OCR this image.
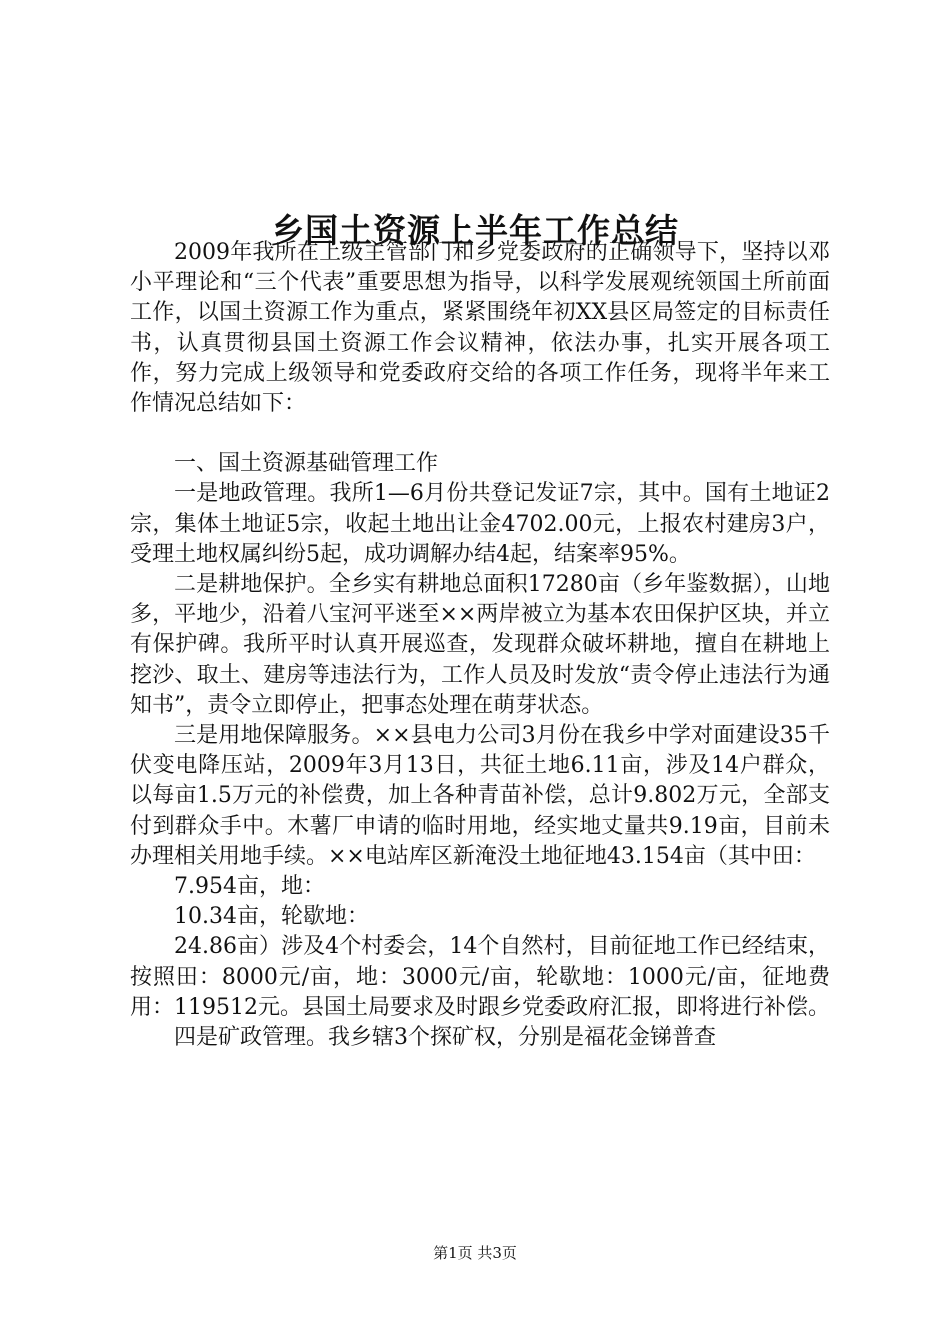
乡国土资源上半年工作总结

2009年我所在上级主管部门和乡党委政府的正确领导下，坚持以邓小平理论和“三个代表”重要思想为指导，以科学发展观统领国土所前面工作，以国土资源工作为重点，紧紧围绕年初XX县区局签定的目标责任书，认真贯彻县国土资源工作会议精神，依法办事，扎实开展各项工作，努力完成上级领导和党委政府交给的各项工作任务，现将半年来工作情况总结如下：

一、国土资源基础管理工作

一是地政管理。我所1—6月份共登记发证7宗，其中。国有土地证2宗，集体土地证5宗，收起土地出让金4702.00元，上报农村建房3户，受理土地权属纠纷5起，成功调解办结4起，结案率95%。

二是耕地保护。全乡实有耕地总面积17280亩（乡年鉴数据），山地多，平地少，沿着八宝河平迷至××两岸被立为基本农田保护区块，并立有保护碑。我所平时认真开展巡查，发现群众破坏耕地，擅自在耕地上挖沙、取土、建房等违法行为，工作人员及时发放“责令停止违法行为通知书”，责令立即停止，把事态处理在萌芽状态。

三是用地保障服务。××县电力公司3月份在我乡中学对面建设35千伏变电降压站，2009年3月13日，共征土地6.11亩，涉及14户群众，以每亩1.5万元的补偿费，加上各种青苗补偿，总计9.802万元，全部支付到群众手中。木薯厂申请的临时用地，经实地丈量共9.19亩，目前未办理相关用地手续。××电站库区新淹没土地征地43.154亩（其中田：

7.954亩，地：

10.34亩，轮歇地：

24.86亩）涉及4个村委会，14个自然村，目前征地工作已经结束，按照田：8000元/亩，地：3000元/亩，轮歇地：1000元/亩，征地费用：119512元。县国土局要求及时跟乡党委政府汇报，即将进行补偿。

四是矿政管理。我乡辖3个探矿权，分别是福花金锑普查

第1页 共3页
